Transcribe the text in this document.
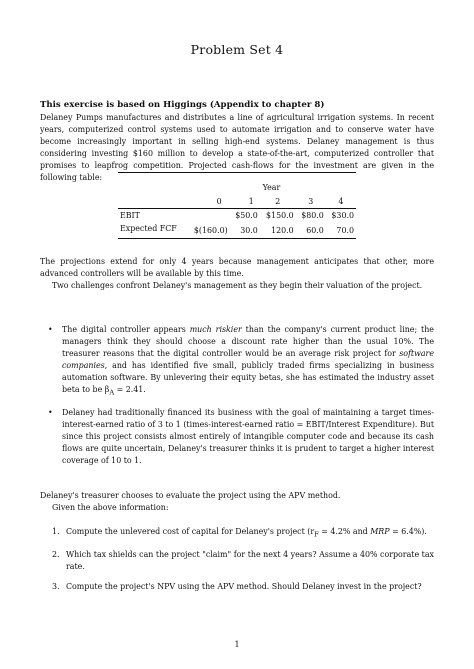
Problem Set 4
This exercise is based on Higgings (Appendix to chapter 8)
Delaney Pumps manufactures and distributes a line of agricultural irrigation systems. In recent years, computerized control systems used to automate irrigation and to conserve water have become increasingly important in selling high-end systems. Delaney management is thus considering investing $160 million to develop a state-of-the-art, computerized controller that promises to leapfrog competition. Projected cash-flows for the investment are given in the following table:
	Year				
	0	1	2	3	4
EBIT		$50.0	$150.0	$80.0	$30.0
Expected FCF	$(160.0)	30.0	120.0	60.0	70.0
The projections extend for only 4 years because management anticipates that other, more advanced controllers will be available by this time.
Two challenges confront Delaney's management as they begin their valuation of the project.
• The digital controller appears much riskier than the company's current product line; the managers think they should choose a discount rate higher than the usual 10%. The treasurer reasons that the digital controller would be an average risk project for software companies, and has identified five small, publicly traded firms specializing in business automation software. By unlevering their equity betas, she has estimated the industry asset beta to be $\beta_A = 2.41$.
• Delaney had traditionally financed its business with the goal of maintaining a target times-interest-earned ratio of 3 to 1 (times-interest-earned ratio = EBIT/Interest Expenditure). But since this project consists almost entirely of intangible computer code and because its cash flows are quite uncertain, Delaney's treasurer thinks it is prudent to target a higher interest coverage of 10 to 1.
Delaney's treasurer chooses to evaluate the project using the APV method.
Given the above information:
1. Compute the unlevered cost of capital for Delaney's project ($r_F = 4.2\%$ and MRP = 6.4%).
2. Which tax shields can the project "claim" for the next 4 years? Assume a 40% corporate tax rate.
3. Compute the project's NPV using the APV method. Should Delaney invest in the project?
1
